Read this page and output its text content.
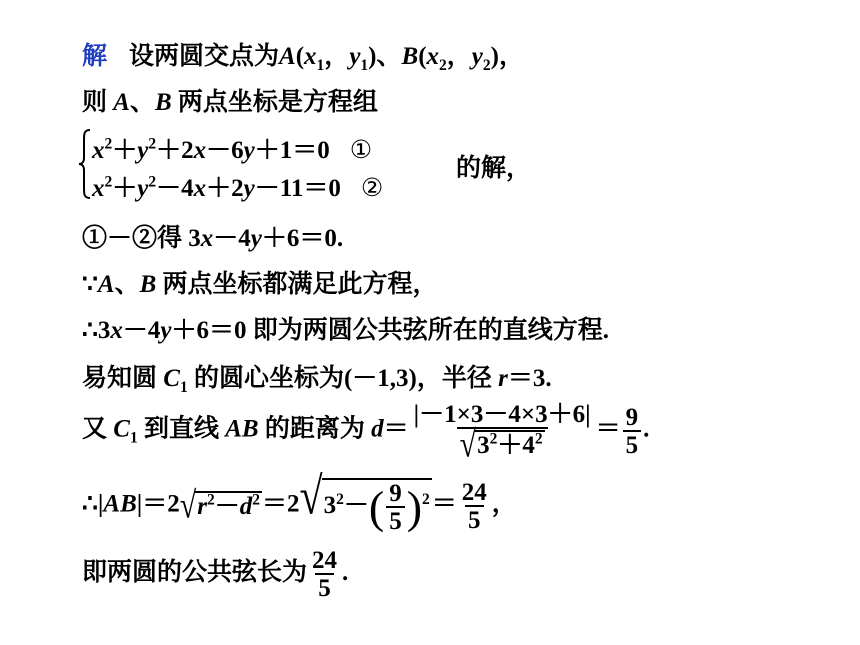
解 设两圆交点为$A(x_1$，$y_1$)、$B(x_2$，$y_2$)，
则 A、B 两点坐标是方程组
$x^2+y^2+2x-6y+1=0$ ①
$x^2+y^2-4x+2y-11=0$ ②
的解，
①－②得 3x－4y＋6＝0.
∵A、B 两点坐标都满足此方程，
∴3x－4y＋6＝0 即为两圆公共弦所在的直线方程.
易知圆 $C_1$ 的圆心坐标为(－1,3)，半径 r＝3.
又 $C_1$ 到直线 AB 的距离为 $d= \frac{|-1\times 3-4\times 3+6|}{√ 3^2+4^2} = \frac{9}{5}$ .
∴|AB|＝2 √ $r^2-d^2 =2$ √ $3^2-( \frac{9}{5} )^2 = \frac{24}{5}$ ，
即两圆的公共弦长为 $\frac{24}{5}$ .
